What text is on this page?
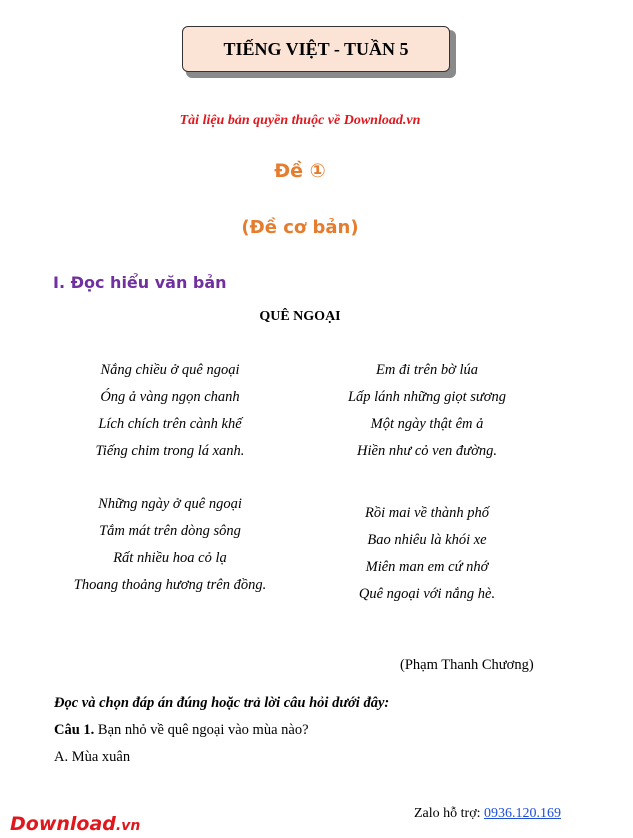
TIẾNG VIỆT - TUẦN 5
Tài liệu bản quyền thuộc về Download.vn
Đề ①
(Đề cơ bản)
I. Đọc hiểu văn bản
QUÊ NGOẠI
Nắng chiều ở quê ngoại
Óng ả vàng ngọn chanh
Lích chích trên cành khế
Tiếng chim trong lá xanh.
Em đi trên bờ lúa
Lấp lánh những giọt sương
Một ngày thật êm ả
Hiền như cỏ ven đường.
Những ngày ở quê ngoại
Tắm mát trên dòng sông
Rất nhiều hoa cỏ lạ
Thoang thoảng hương trên đồng.
Rồi mai về thành phố
Bao nhiêu là khói xe
Miên man em cứ nhớ
Quê ngoại với nắng hè.
(Phạm Thanh Chương)
Đọc và chọn đáp án đúng hoặc trả lời câu hỏi dưới đây:
Câu 1. Bạn nhỏ về quê ngoại vào mùa nào?
A. Mùa xuân
Download.vn
Zalo hỗ trợ: 0936.120.169
